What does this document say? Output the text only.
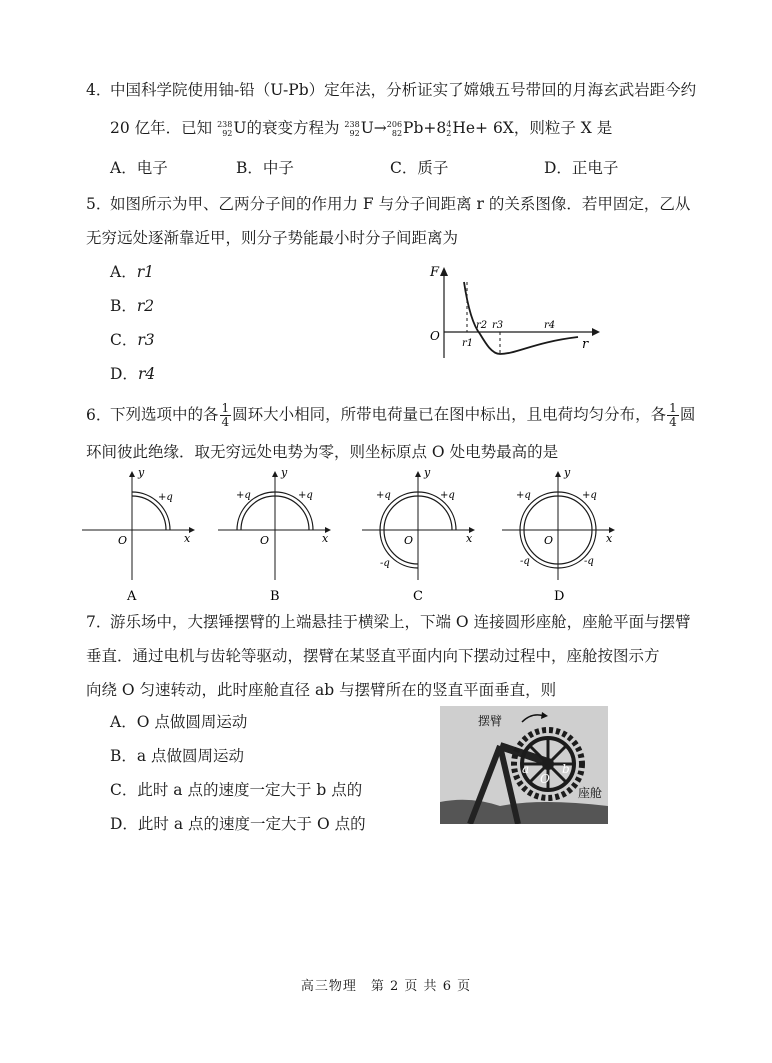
4．中国科学院使用铀-铅（U-Pb）定年法，分析证实了嫦娥五号带回的月海玄武岩距今约
20 亿年．已知 238
92 U的衰变方程为 238
92 U→ 206
82 Pb+8 4
2 He+ 6X，则粒子 X 是
A．电子	B．中子	C．质子	D．正电子
5．如图所示为甲、乙两分子间的作用力 F 与分子间距离 r 的关系图像．若甲固定，乙从
无穷远处逐渐靠近甲，则分子势能最小时分子间距离为
A．r1
B．r2
C．r3
D．r4
F
r
O
r1
r2 r3	r4
6．下列选项中的各 $\frac{1}{4}$ 圆环大小相同，所带电荷量已在图中标出，且电荷均匀分布，各 $\frac{1}{4}$ 圆
环间彼此绝缘．取无穷远处电势为零，则坐标原点 O 处电势最高的是
y
x
O
+q
A
y
x
O
+q	+q
B
y
x
O
+q	+q
-q
C
y
x
O
+q	+q
-q	-q
D
7．游乐场中，大摆锤摆臂的上端悬挂于横梁上，下端 O 连接圆形座舱，座舱平面与摆臂
垂直．通过电机与齿轮等驱动，摆臂在某竖直平面内向下摆动过程中，座舱按图示方
向绕 O 匀速转动，此时座舱直径 ab 与摆臂所在的竖直平面垂直，则
A．O 点做圆周运动
B．a 点做圆周运动
C．此时 a 点的速度一定大于 b 点的
D．此时 a 点的速度一定大于 O 点的
摆臂
座舱
a	b
O
高三物理　第 2 页 共 6 页
